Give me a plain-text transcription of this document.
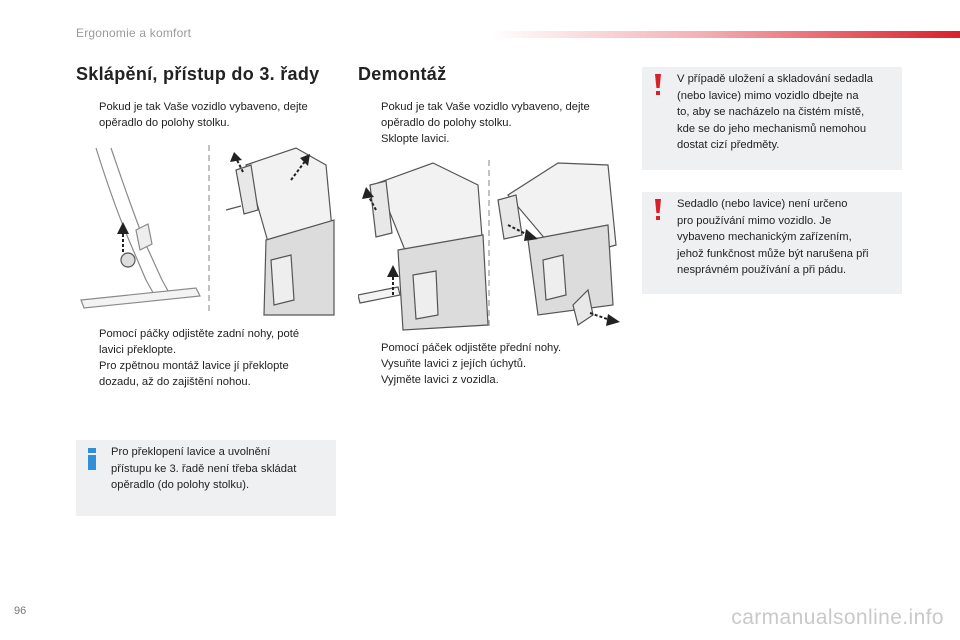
Ergonomie a komfort
Sklápění, přístup do 3. řady

Pokud je tak Vaše vozidlo vybaveno, dejte
opěradlo do polohy stolku.

Pomocí páčky odjistěte zadní nohy, poté
lavici překlopte.

Pro zpětnou montáž lavice jí překlopte
dozadu, až do zajištění nohou.

Pro překlopení lavice a uvolnění
přístupu ke 3. řadě není třeba skládat
opěradlo (do polohy stolku).
Demontáž

Pokud je tak Vaše vozidlo vybaveno, dejte
opěradlo do polohy stolku.

Sklopte lavici.

Pomocí páček odjistěte přední nohy.

Vysuňte lavici z jejích úchytů.

Vyjměte lavici z vozidla.

V případě uložení a skladování sedadla
(nebo lavice) mimo vozidlo dbejte na
to, aby se nacházelo na čistém místě,
kde se do jeho mechanismů nemohou
dostat cizí předměty.
Sedadlo (nebo lavice) není určeno
pro používání mimo vozidlo. Je
vybaveno mechanickým zařízením,
jehož funkčnost může být narušena při
nesprávném používání a při pádu.
96	carmanualsonline.info
